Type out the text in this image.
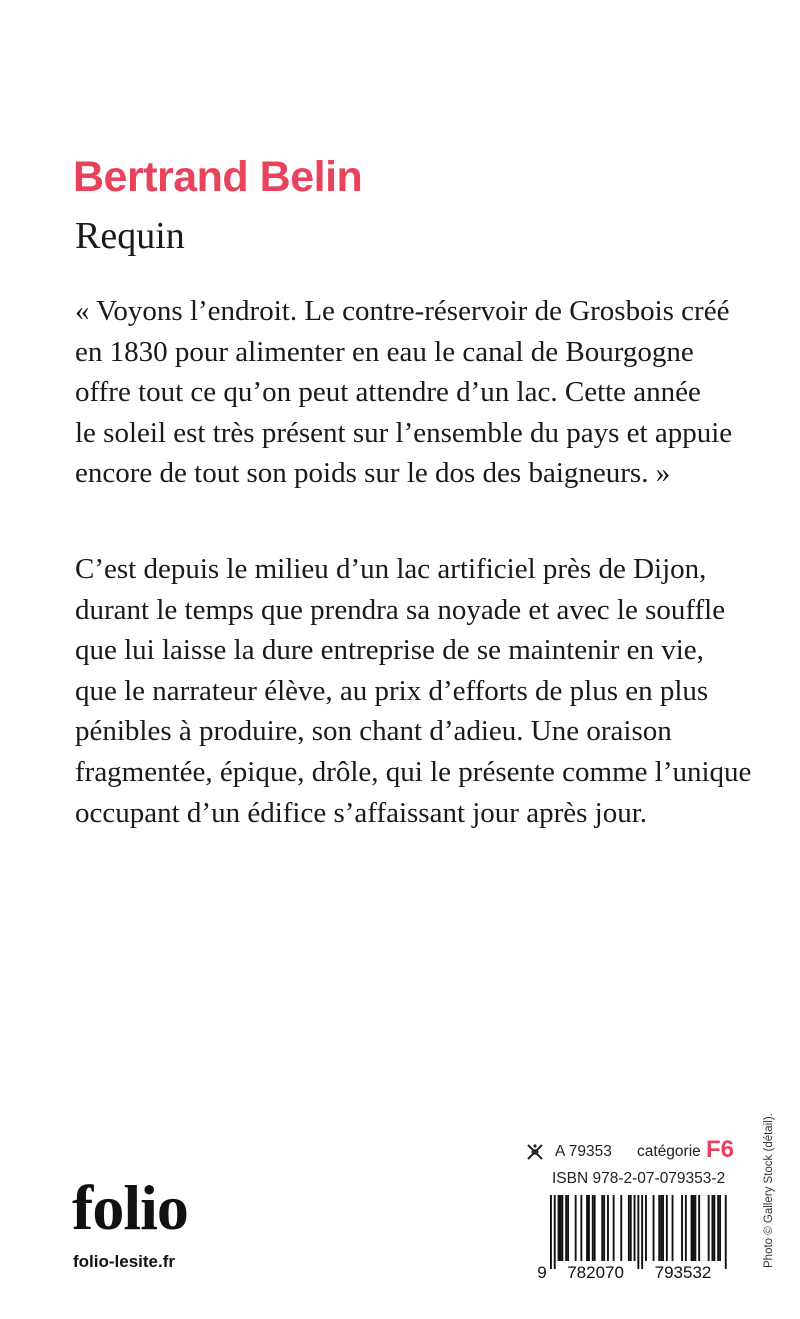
Bertrand Belin
Requin

« Voyons l’endroit. Le contre-réservoir de Grosbois créé
en 1830 pour alimenter en eau le canal de Bourgogne
offre tout ce qu’on peut attendre d’un lac. Cette année
le soleil est très présent sur l’ensemble du pays et appuie
encore de tout son poids sur le dos des baigneurs. »

C’est depuis le milieu d’un lac artificiel près de Dijon,
durant le temps que prendra sa noyade et avec le souffle
que lui laisse la dure entreprise de se maintenir en vie,
que le narrateur élève, au prix d’efforts de plus en plus
pénibles à produire, son chant d’adieu. Une oraison
fragmentée, épique, drôle, qui le présente comme l’unique
occupant d’un édifice s’affaissant jour après jour.

A 79353 catégorie F6
ISBN 978-2-07-079353-2
9 782070 793532
folio
folio-lesite.fr	Photo © Gallery Stock (détail).
